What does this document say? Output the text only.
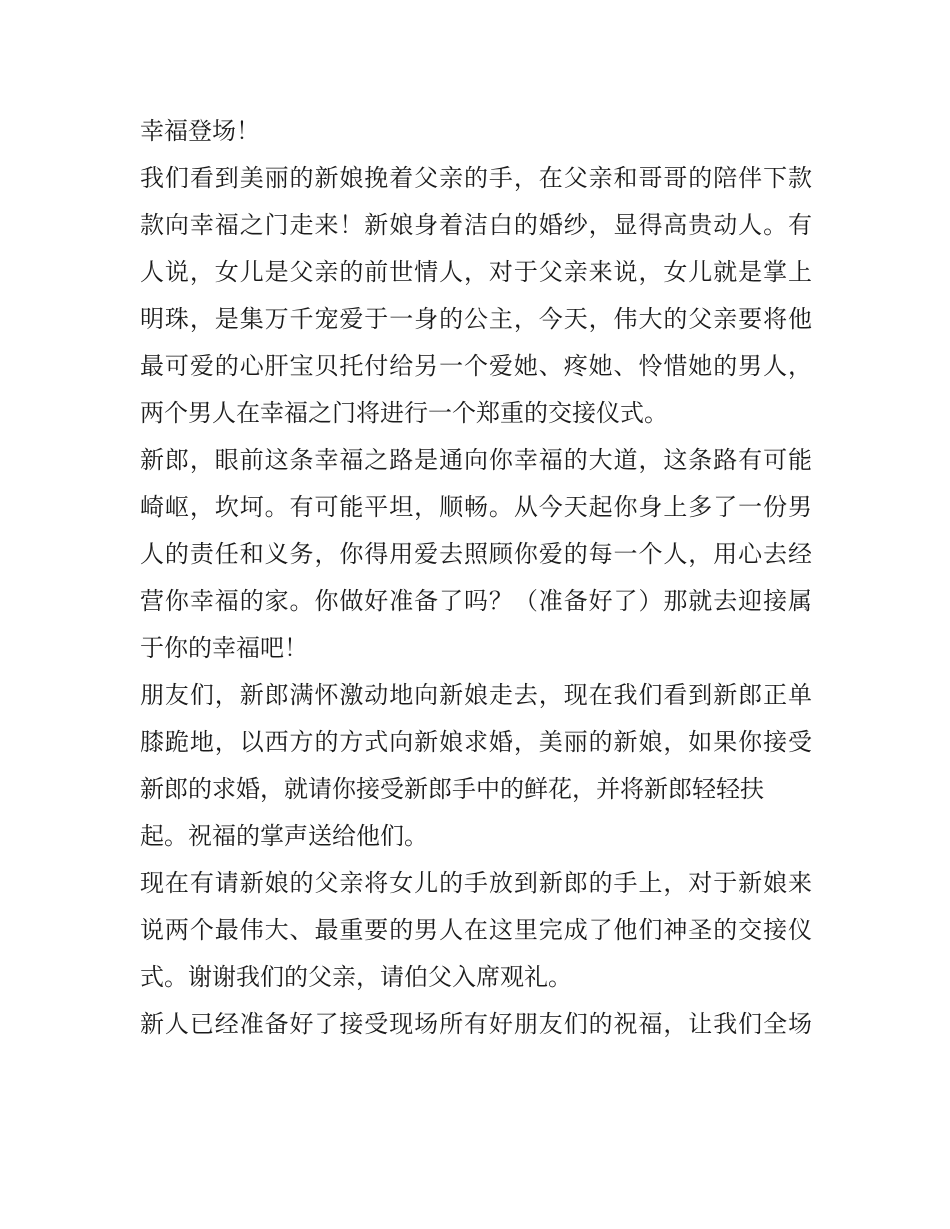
幸福登场！
我们看到美丽的新娘挽着父亲的手，在父亲和哥哥的陪伴下款
款向幸福之门走来！新娘身着洁白的婚纱，显得高贵动人。有
人说，女儿是父亲的前世情人，对于父亲来说，女儿就是掌上
明珠，是集万千宠爱于一身的公主，今天，伟大的父亲要将他
最可爱的心肝宝贝托付给另一个爱她、疼她、怜惜她的男人，
两个男人在幸福之门将进行一个郑重的交接仪式。
新郎，眼前这条幸福之路是通向你幸福的大道，这条路有可能
崎岖，坎坷。有可能平坦，顺畅。从今天起你身上多了一份男
人的责任和义务，你得用爱去照顾你爱的每一个人，用心去经
营你幸福的家。你做好准备了吗？（准备好了）那就去迎接属
于你的幸福吧！
朋友们，新郎满怀激动地向新娘走去，现在我们看到新郎正单
膝跪地，以西方的方式向新娘求婚，美丽的新娘，如果你接受
新郎的求婚，就请你接受新郎手中的鲜花，并将新郎轻轻扶
起。祝福的掌声送给他们。
现在有请新娘的父亲将女儿的手放到新郎的手上，对于新娘来
说两个最伟大、最重要的男人在这里完成了他们神圣的交接仪
式。谢谢我们的父亲，请伯父入席观礼。
新人已经准备好了接受现场所有好朋友们的祝福，让我们全场
